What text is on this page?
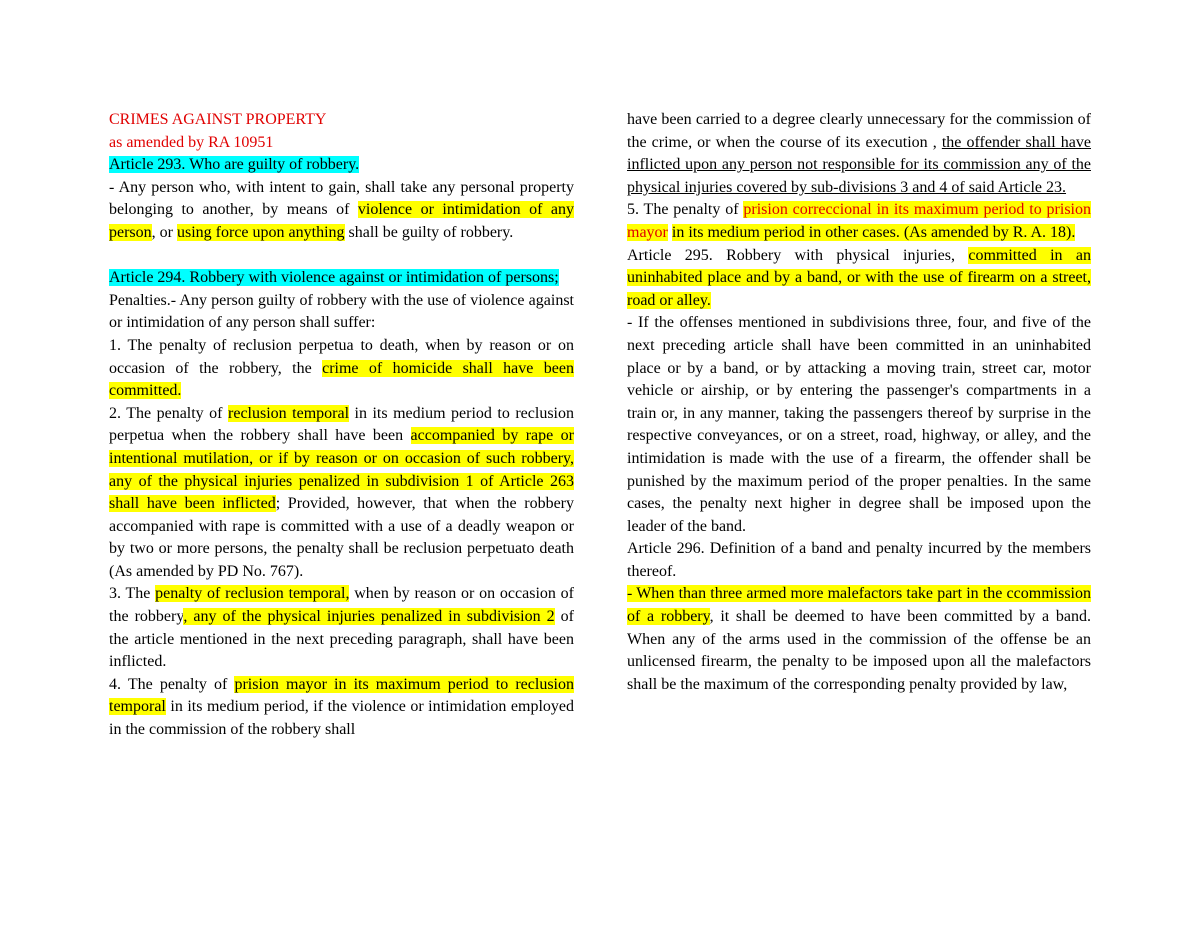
CRIMES AGAINST PROPERTY

as amended by RA 10951

Article 293. Who are guilty of robbery.

- Any person who, with intent to gain, shall take any personal property belonging to another, by means of violence or intimidation of any person, or using force upon anything shall be guilty of robbery.

Article 294. Robbery with violence against or intimidation of persons;

Penalties.- Any person guilty of robbery with the use of violence against or intimidation of any person shall suffer:

1. The penalty of reclusion perpetua to death, when by reason or on occasion of the robbery, the crime of homicide shall have been committed.

2. The penalty of reclusion temporal in its medium period to reclusion perpetua when the robbery shall have been accompanied by rape or intentional mutilation, or if by reason or on occasion of such robbery, any of the physical injuries penalized in subdivision 1 of Article 263 shall have been inflicted; Provided, however, that when the robbery accompanied with rape is committed with a use of a deadly weapon or by two or more persons, the penalty shall be reclusion perpetuato death (As amended by PD No. 767).

3. The penalty of reclusion temporal, when by reason or on occasion of the robbery, any of the physical injuries penalized in subdivision 2 of the article mentioned in the next preceding paragraph, shall have been inflicted.

4. The penalty of prision mayor in its maximum period to reclusion temporal in its medium period, if the violence or intimidation employed in the commission of the robbery shall

have been carried to a degree clearly unnecessary for the commission of the crime, or when the course of its execution , the offender shall have inflicted upon any person not responsible for its commission any of the physical injuries covered by sub-divisions 3 and 4 of said Article 23.

5. The penalty of prision correccional in its maximum period to prision mayor in its medium period in other cases. (As amended by R. A. 18).

Article 295. Robbery with physical injuries, committed in an uninhabited place and by a band, or with the use of firearm on a street, road or alley.

- If the offenses mentioned in subdivisions three, four, and five of the next preceding article shall have been committed in an uninhabited place or by a band, or by attacking a moving train, street car, motor vehicle or airship, or by entering the passenger's compartments in a train or, in any manner, taking the passengers thereof by surprise in the respective conveyances, or on a street, road, highway, or alley, and the intimidation is made with the use of a firearm, the offender shall be punished by the maximum period of the proper penalties. In the same cases, the penalty next higher in degree shall be imposed upon the leader of the band.

Article 296. Definition of a band and penalty incurred by the members thereof.

- When than three armed more malefactors take part in the ccommission of a robbery, it shall be deemed to have been committed by a band. When any of the arms used in the commission of the offense be an unlicensed firearm, the penalty to be imposed upon all the malefactors shall be the maximum of the corresponding penalty provided by law,
